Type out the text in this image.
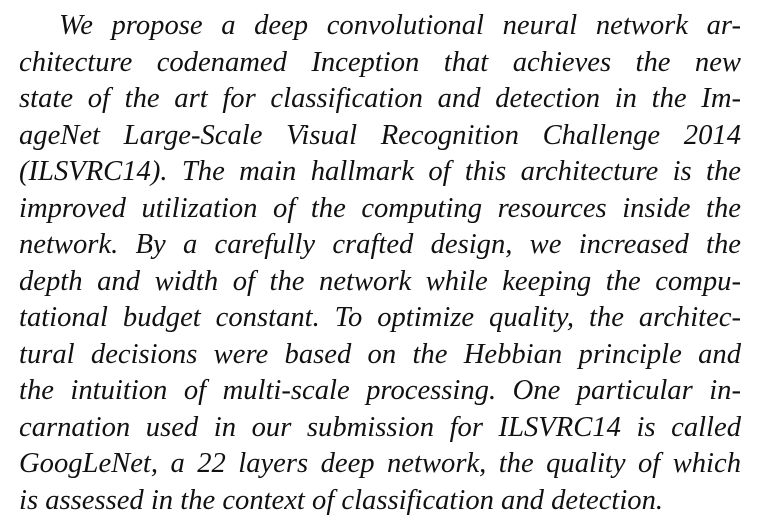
We propose a deep convolutional neural network ar-
chitecture codenamed Inception that achieves the new
state of the art for classification and detection in the Im-
ageNet Large-Scale Visual Recognition Challenge 2014
(ILSVRC14). The main hallmark of this architecture is the
improved utilization of the computing resources inside the
network. By a carefully crafted design, we increased the
depth and width of the network while keeping the compu-
tational budget constant. To optimize quality, the architec-
tural decisions were based on the Hebbian principle and
the intuition of multi-scale processing. One particular in-
carnation used in our submission for ILSVRC14 is called
GoogLeNet, a 22 layers deep network, the quality of which
is assessed in the context of classification and detection.
